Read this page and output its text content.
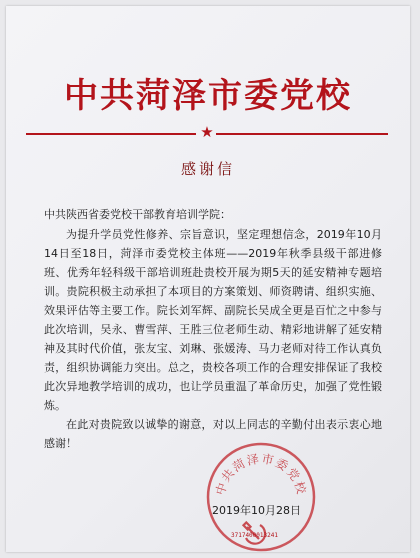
中共菏泽市委党校
★
感谢信
中共陕西省委党校干部教育培训学院：

为提升学员党性修养、宗旨意识，坚定理想信念，2019年10月14日至18日，菏泽市委党校主体班——2019年秋季县级干部进修班、优秀年轻科级干部培训班赴贵校开展为期5天的延安精神专题培训。贵院积极主动承担了本项目的方案策划、师资聘请、组织实施、效果评估等主要工作。院长刘军辉、副院长吴成全更是百忙之中参与此次培训，吴永、曹雪萍、王胜三位老师生动、精彩地讲解了延安精神及其时代价值，张友宝、刘琳、张媛涛、马力老师对待工作认真负责，组织协调能力突出。总之，贵校各项工作的合理安排保证了我校此次异地教学培训的成功，也让学员重温了革命历史，加强了党性锻炼。

在此对贵院致以诚挚的谢意，对以上同志的辛勤付出表示衷心地感谢！

中共菏泽市委党校
2019年10月28日
3717400013241
